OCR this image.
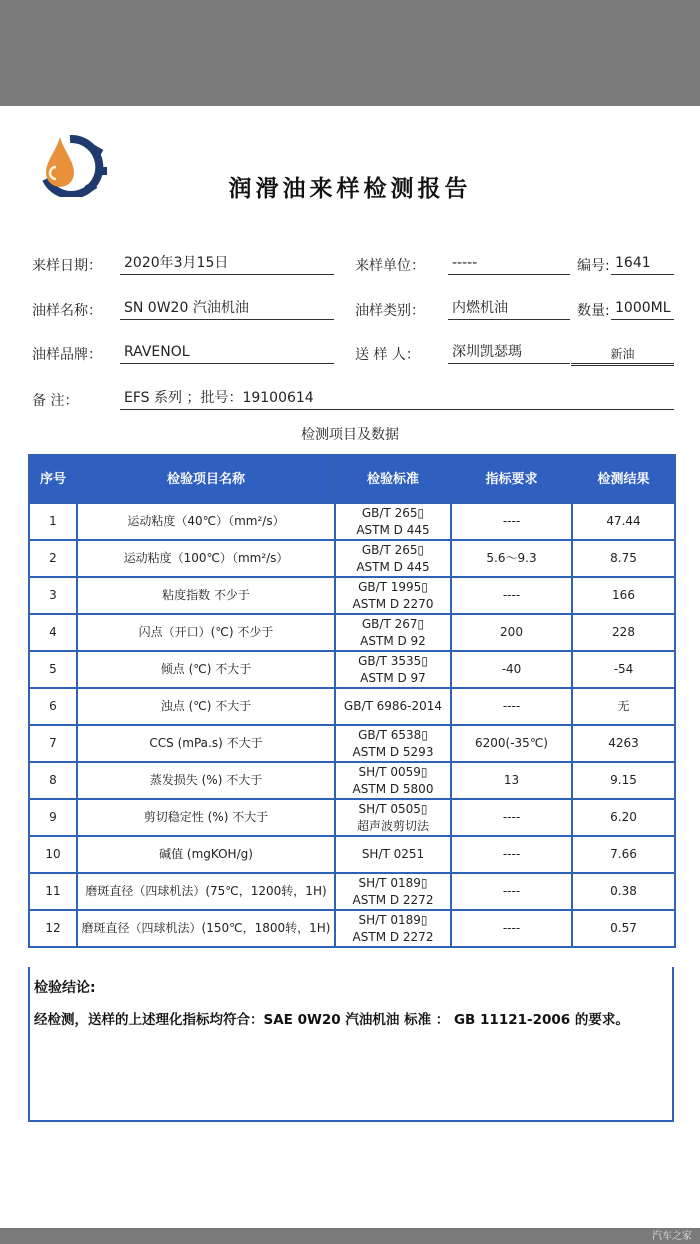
润滑油来样检测报告
来样日期： 2020年3月15日	来样单位： -----	编号: 1641
油样名称： SN 0W20 汽油机油	油样类别： 内燃机油	数量: 1000ML
油样品牌： RAVENOL	送 样 人： 深圳凯瑟瑪	新油
备 注：	EFS 系列 ；批号：19100614
检测项目及数据
序号	检验项目名称	检验标准	指标要求	检测结果
1	运动粘度（40℃）（mm²/s）	GB/T 265▯
ASTM D 445	----	47.44
2	运动粘度（100℃）（mm²/s）	GB/T 265▯
ASTM D 445	5.6～9.3	8.75
3	粘度指数 不少于	GB/T 1995▯
ASTM D 2270	----	166
4	闪点（开口）(℃) 不少于	GB/T 267▯
ASTM D 92	200	228
5	倾点 (℃) 不大于	GB/T 3535▯
ASTM D 97	-40	-54
6	浊点 (℃) 不大于	GB/T 6986-2014	----	无
7	CCS (mPa.s) 不大于	GB/T 6538▯
ASTM D 5293	6200(-35℃)	4263
8	蒸发损失 (%) 不大于	SH/T 0059▯
ASTM D 5800	13	9.15
9	剪切稳定性 (%) 不大于	SH/T 0505▯
超声波剪切法	----	6.20
10	碱值 (mgKOH/g)	SH/T 0251	----	7.66
11	磨斑直径（四球机法）(75℃，1200转，1H)	SH/T 0189▯
ASTM D 2272	----	0.38
12	磨斑直径（四球机法）(150℃，1800转，1H)	SH/T 0189▯
ASTM D 2272	----	0.57
检验结论:
经检测，送样的上述理化指标均符合：SAE 0W20 汽油机油 标准 ： GB 11121-2006 的要求。
汽车之家
